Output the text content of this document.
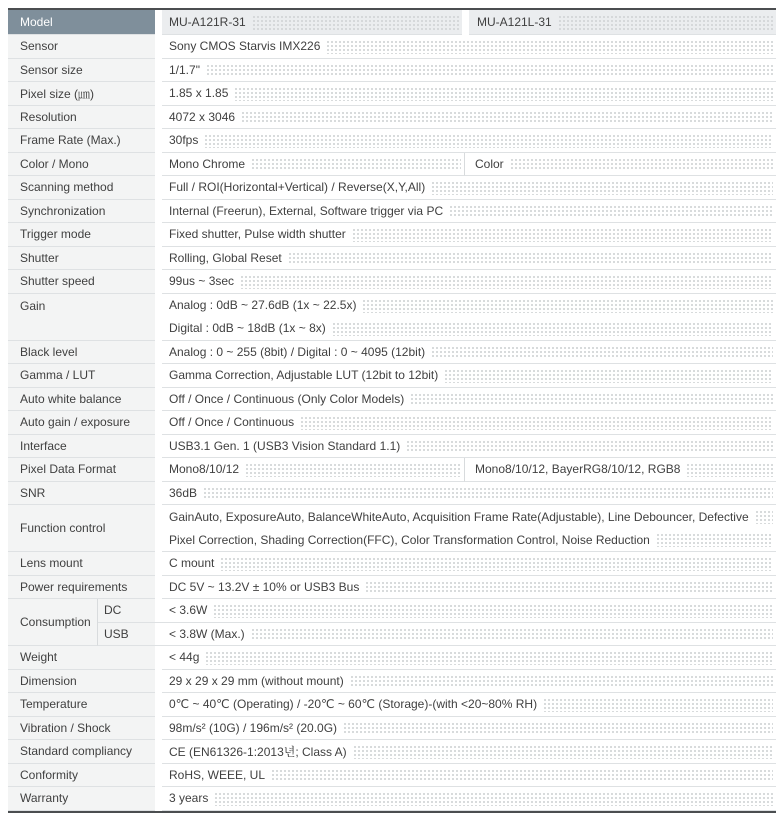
Model	MU-A121R-31	MU-A121L-31
Sensor	Sony CMOS Starvis IMX226
Sensor size	1/1.7"
Pixel size (㎛)	1.85 x 1.85
Resolution	4072 x 3046
Frame Rate (Max.)	30fps
Color / Mono	Mono Chrome	Color
Scanning method	Full / ROI(Horizontal+Vertical) / Reverse(X,Y,All)
Synchronization	Internal (Freerun), External, Software trigger via PC
Trigger mode	Fixed shutter, Pulse width shutter
Shutter	Rolling, Global Reset
Shutter speed	99us ~ 3sec
Gain	Analog : 0dB ~ 27.6dB (1x ~ 22.5x)
Digital : 0dB ~ 18dB (1x ~ 8x)
Black level	Analog : 0 ~ 255 (8bit) / Digital : 0 ~ 4095 (12bit)
Gamma / LUT	Gamma Correction, Adjustable LUT (12bit to 12bit)
Auto white balance	Off / Once / Continuous (Only Color Models)
Auto gain / exposure	Off / Once / Continuous
Interface	USB3.1 Gen. 1 (USB3 Vision Standard 1.1)
Pixel Data Format	Mono8/10/12	Mono8/10/12, BayerRG8/10/12, RGB8
SNR	36dB
Function control
GainAuto, ExposureAuto, BalanceWhiteAuto, Acquisition Frame Rate(Adjustable), Line Debouncer, Defective
Pixel Correction, Shading Correction(FFC), Color Transformation Control, Noise Reduction
Lens mount	C mount
Power requirements	DC 5V ~ 13.2V ± 10% or USB3 Bus
Consumption
DC	< 3.6W
USB	< 3.8W (Max.)
Weight	< 44g
Dimension	29 x 29 x 29 mm (without mount)
Temperature	0℃ ~ 40℃ (Operating) / -20℃ ~ 60℃ (Storage)-(with <20~80% RH)
Vibration / Shock	98m/s² (10G) / 196m/s² (20.0G)
Standard compliancy	CE (EN61326-1:2013년; Class A)
Conformity	RoHS, WEEE, UL
Warranty	3 years
